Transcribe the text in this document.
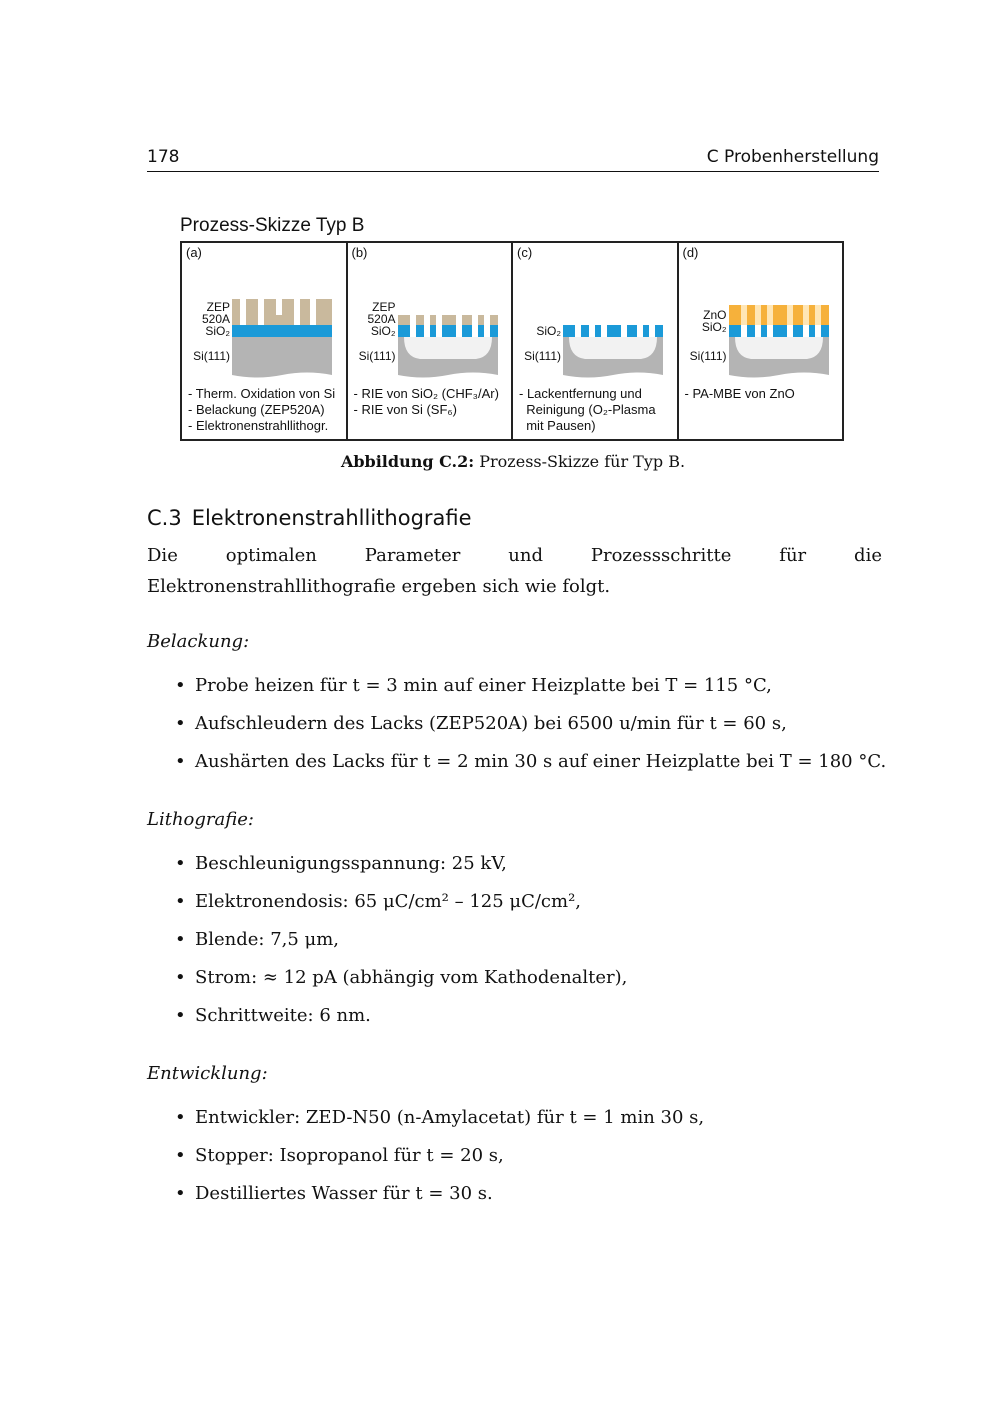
178	C Probenherstellung
Prozess-Skizze Typ B
(a)
ZEP
520A
SiO₂
Si(111)
- Therm. Oxidation von Si
- Belackung (ZEP520A)
- Elektronenstrahllithogr.
(b)
ZEP
520A
SiO₂
Si(111)
- RIE von SiO₂ (CHF₃/Ar)
- RIE von Si (SF₆)
(c)
SiO₂
Si(111)
- Lackentfernung und
Reinigung (O₂-Plasma
mit Pausen)
(d)
ZnO
SiO₂
Si(111)
- PA-MBE von ZnO
Abbildung C.2: Prozess-Skizze für Typ B.
C.3 Elektronenstrahllithografie
Die optimalen Parameter und Prozessschritte für die Elektronenstrahllithografie ergeben sich wie folgt.
Belackung:
• Probe heizen für t = 3 min auf einer Heizplatte bei T = 115 °C,
• Aufschleudern des Lacks (ZEP520A) bei 6500 u/min für t = 60 s,
• Aushärten des Lacks für t = 2 min 30 s auf einer Heizplatte bei T = 180 °C.
Lithografie:
• Beschleunigungsspannung: 25 kV,
• Elektronendosis: 65 μC/cm² – 125 μC/cm²,
• Blende: 7,5 μm,
• Strom: ≈ 12 pA (abhängig vom Kathodenalter),
• Schrittweite: 6 nm.
Entwicklung:
• Entwickler: ZED-N50 (n-Amylacetat) für t = 1 min 30 s,
• Stopper: Isopropanol für t = 20 s,
• Destilliertes Wasser für t = 30 s.
